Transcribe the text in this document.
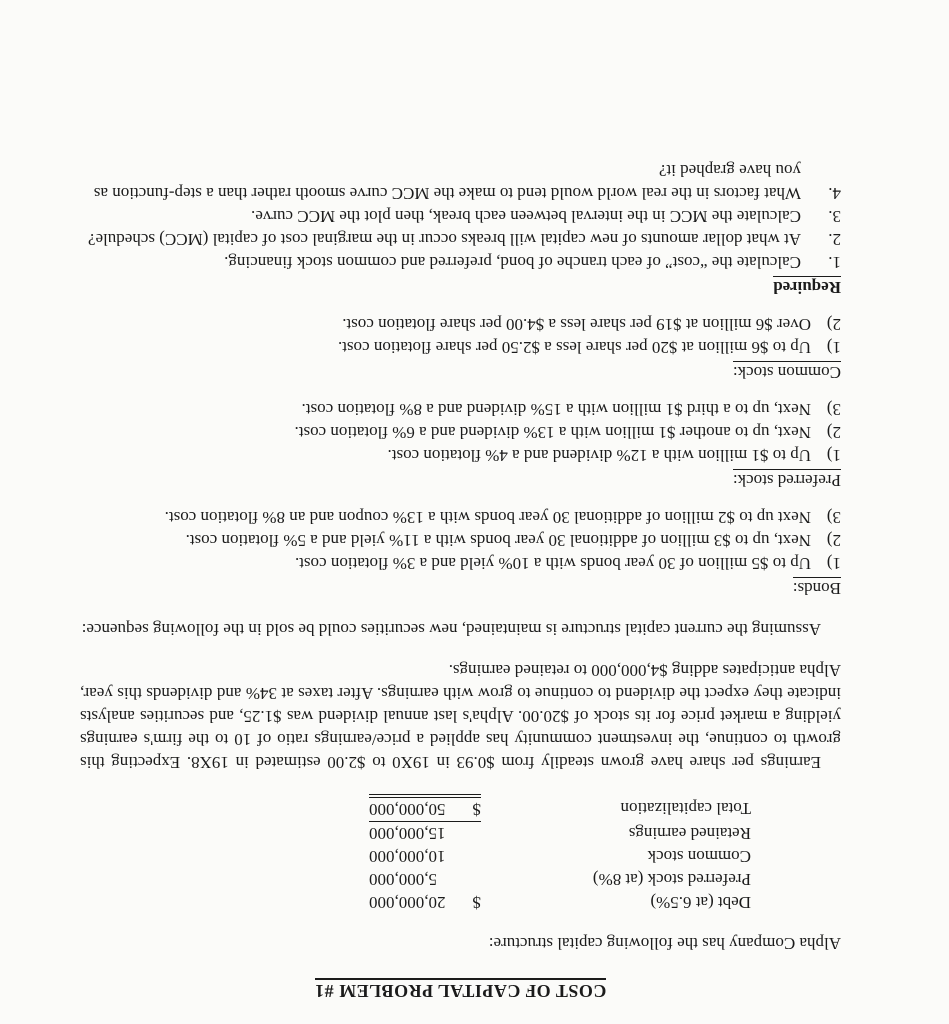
COST OF CAPITAL PROBLEM #1

Alpha Company has the following capital structure:

Debt (at 6.5%)	$	20,000,000
Preferred stock (at 8%)		5,000,000
Common stock		10,000,000
Retained earnings		15,000,000
Total capitalization	$	50,000,000

Earnings per share have grown steadily from $0.93 in 19X0 to $2.00 estimated in 19X8. Expecting this growth to continue, the investment community has applied a price/earnings ratio of 10 to the firm's earnings yielding a market price for its stock of $20.00. Alpha's last annual dividend was $1.25, and securities analysts indicate they expect the dividend to continue to grow with earnings. After taxes at 34% and dividends this year, Alpha anticipates adding $4,000,000 to retained earnings.

Assuming the current capital structure is maintained, new securities could be sold in the following sequence:

Bonds:
1)
Up to $5 million of 30 year bonds with a 10% yield and a 3% flotation cost.
2)
Next, up to $3 million of additional 30 year bonds with a 11% yield and a 5% flotation cost.
3)
Next up to $2 million of additional 30 year bonds with a 13% coupon and an 8% flotation cost.
Preferred stock:
1)
Up to $1 million with a 12% dividend and a 4% flotation cost.
2)
Next, up to another $1 million with a 13% dividend and a 6% flotation cost.
3)
Next, up to a third $1 million with a 15% dividend and a 8% flotation cost.
Common stock:
1)
Up to $6 million at $20 per share less a $2.50 per share flotation cost.
2)
Over $6 million at $19 per share less a $4.00 per share flotation cost.
Required
1.
Calculate the “cost” of each tranche of bond, preferred and common stock financing.
2.
At what dollar amounts of new capital will breaks occur in the marginal cost of capital (MCC) schedule?
3.
Calculate the MCC in the interval between each break, then plot the MCC curve.
4.
What factors in the real world would tend to make the MCC curve smooth rather than a step-function as you have graphed it?
